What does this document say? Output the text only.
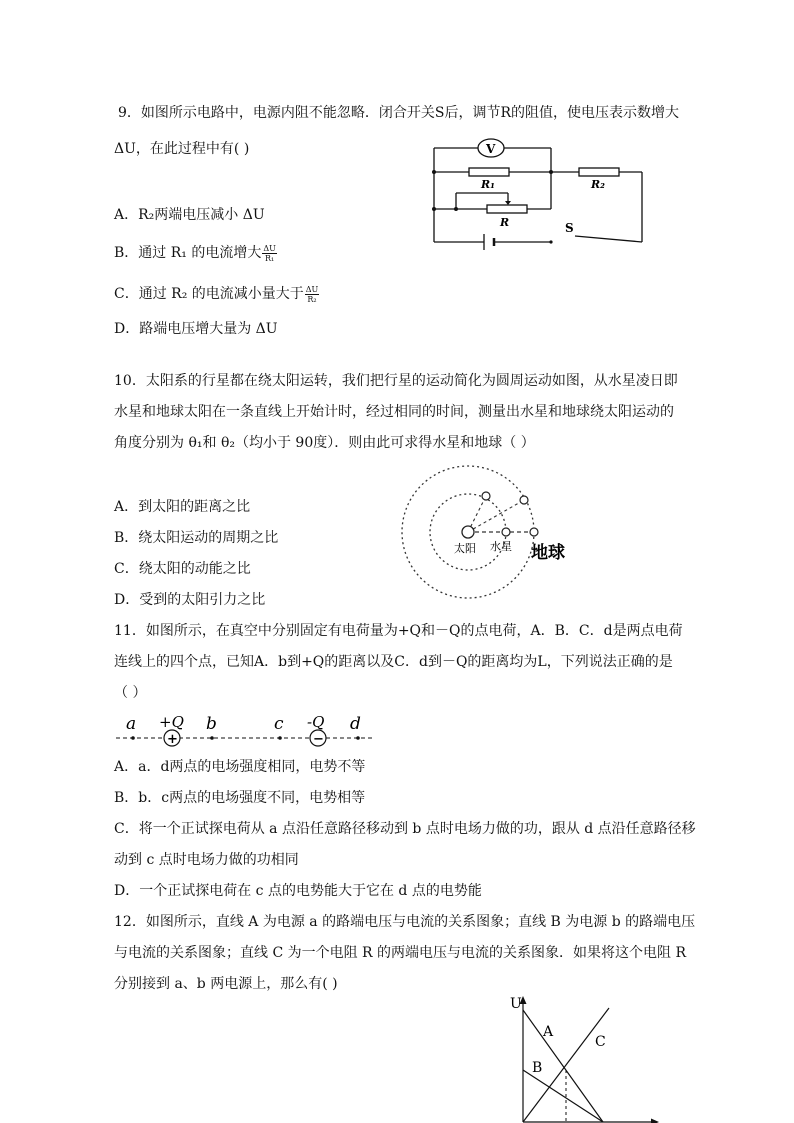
9．如图所示电路中，电源内阻不能忽略．闭合开关S后，调节R的阻值，使电压表示数增大
ΔU，在此过程中有( )
A．R₂两端电压减小 ΔU
B．通过 R₁ 的电流增大 $\frac{\Delta U}{\text{R₁}}$
C．通过 R₂ 的电流减小量大于 $\frac{\Delta U}{\text{R₂}}$
D．路端电压增大量为 ΔU
V
R₁
R
R₂
S
10．太阳系的行星都在绕太阳运转，我们把行星的运动简化为圆周运动如图，从水星凌日即
水星和地球太阳在一条直线上开始计时，经过相同的时间，测量出水星和地球绕太阳运动的
角度分别为 θ₁和 θ₂（均小于 90度）．则由此可求得水星和地球（ ）
A．到太阳的距离之比
B．绕太阳运动的周期之比
C．绕太阳的动能之比
D．受到的太阳引力之比
太阳 水星 地球
11．如图所示，在真空中分别固定有电荷量为+Q和－Q的点电荷，A．B．C．d是两点电荷
连线上的四个点，已知A．b到+Q的距离以及C．d到－Q的距离均为L，下列说法正确的是
（ ）
+	−
a +Q b	c -Q d
A．a．d两点的电场强度相同，电势不等
B．b．c两点的电场强度不同，电势相等
C．将一个正试探电荷从 a 点沿任意路径移动到 b 点时电场力做的功，跟从 d 点沿任意路径移
动到 c 点时电场力做的功相同
D．一个正试探电荷在 c 点的电势能大于它在 d 点的电势能
12．如图所示，直线 A 为电源 a 的路端电压与电流的关系图象；直线 B 为电源 b 的路端电压
与电流的关系图象；直线 C 为一个电阻 R 的两端电压与电流的关系图象．如果将这个电阻 R
分别接到 a、b 两电源上，那么有( )
U
A
B
C
